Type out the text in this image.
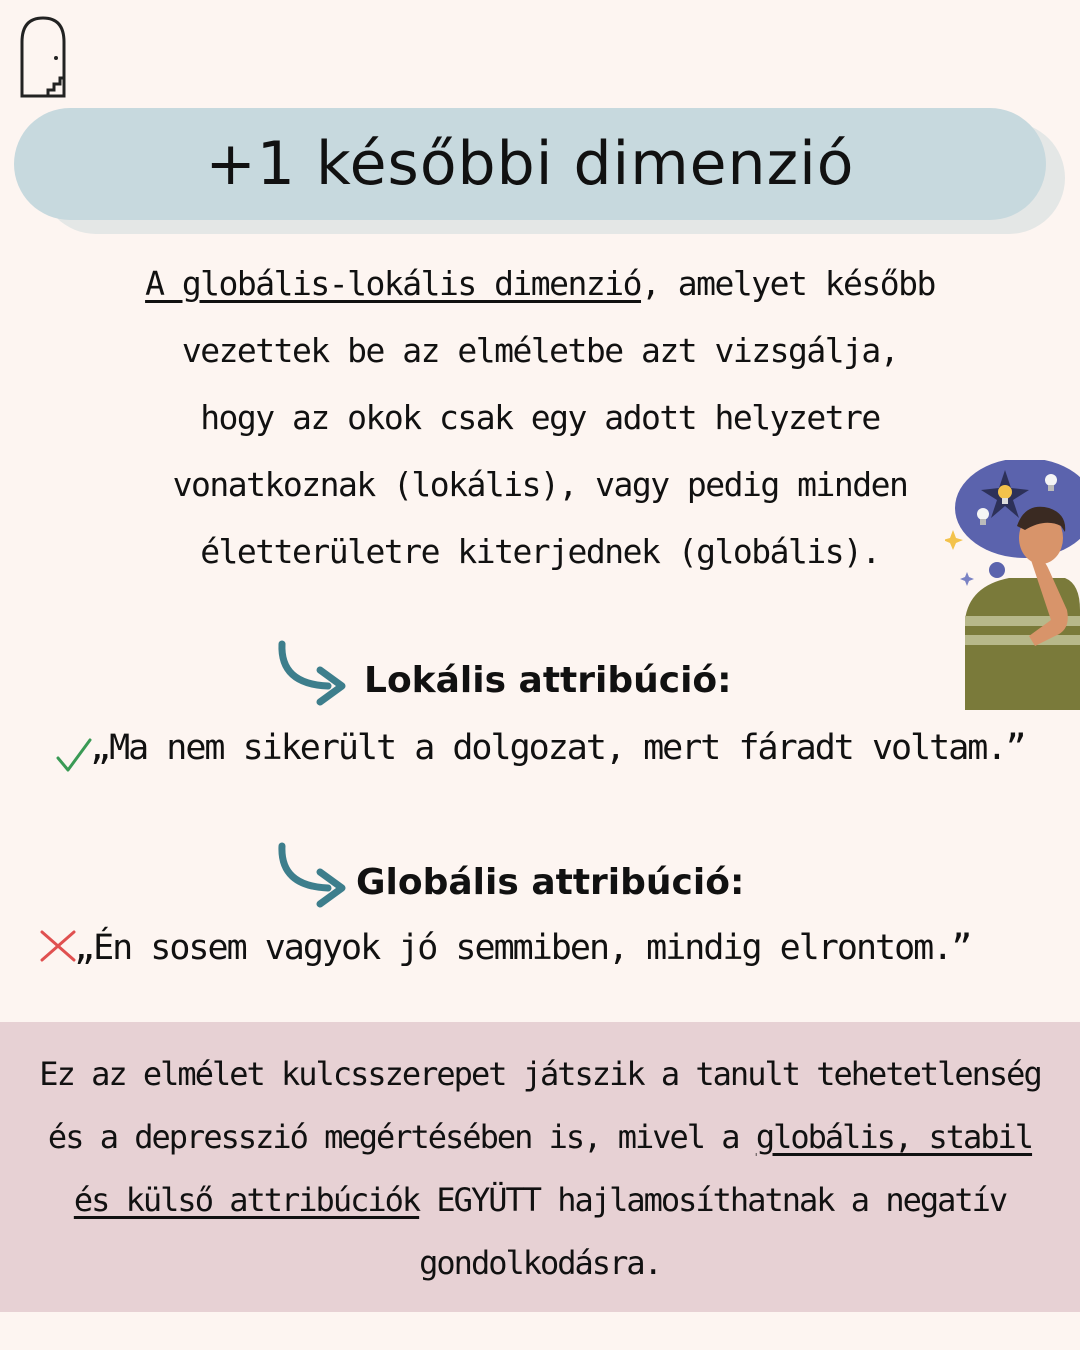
+1 későbbi dimenzió
A globális-lokális dimenzió, amelyet később
vezettek be az elméletbe azt vizsgálja,
hogy az okok csak egy adott helyzetre
vonatkoznak (lokális), vagy pedig minden
életterületre kiterjednek (globális).
Lokális attribúció:
„Ma nem sikerült a dolgozat, mert fáradt voltam.”
Globális attribúció:
„Én sosem vagyok jó semmiben, mindig elrontom.”
Ez az elmélet kulcsszerepet játszik a tanult tehetetlenség
és a depresszió megértésében is, mivel a globális, stabil
és külső attribúciók EGYÜTT hajlamosíthatnak a negatív
gondolkodásra.
